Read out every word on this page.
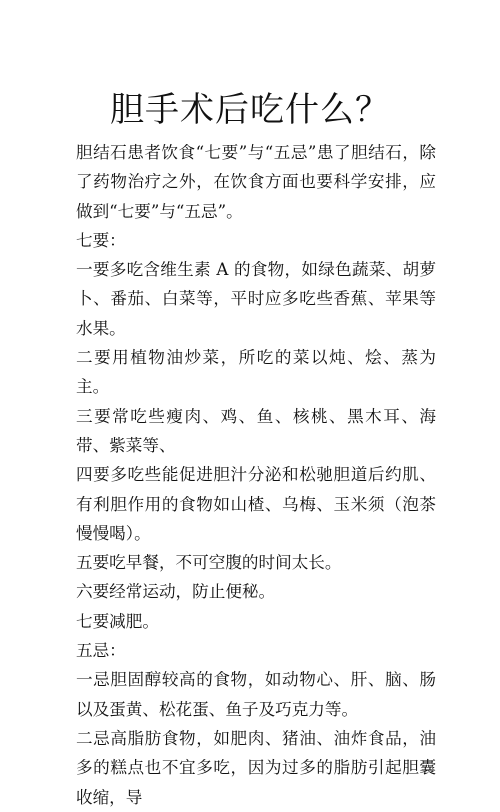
胆手术后吃什么？

胆结石患者饮食“七要”与“五忌”患了胆结石，除了药物治疗之外，在饮食方面也要科学安排，应做到“七要”与“五忌”。

七要：

一要多吃含维生素 A 的食物，如绿色蔬菜、胡萝卜、番茄、白菜等，平时应多吃些香蕉、苹果等水果。

二要用植物油炒菜，所吃的菜以炖、烩、蒸为主。

三要常吃些瘦肉、鸡、鱼、核桃、黑木耳、海带、紫菜等、

四要多吃些能促进胆汁分泌和松驰胆道后约肌、有利胆作用的食物如山楂、乌梅、玉米须（泡茶慢慢喝）。

五要吃早餐，不可空腹的时间太长。

六要经常运动，防止便秘。

七要减肥。

五忌：

一忌胆固醇较高的食物，如动物心、肝、脑、肠以及蛋黄、松花蛋、鱼子及巧克力等。

二忌高脂肪食物，如肥肉、猪油、油炸食品，油多的糕点也不宜多吃，因为过多的脂肪引起胆囊收缩，导
